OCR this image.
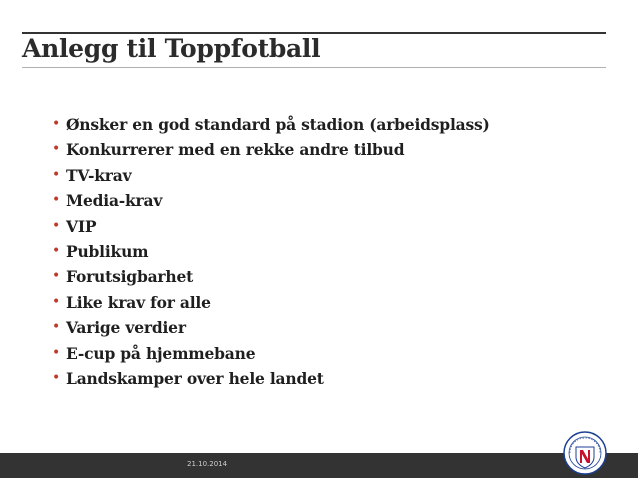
Anlegg til Toppfotball
• Ønsker en god standard på stadion (arbeidsplass)
• Konkurrerer med en rekke andre tilbud
• TV-krav
• Media-krav
• VIP
• Publikum
• Forutsigbarhet
• Like krav for alle
• Varige verdier
• E-cup på hjemmebane
• Landskamper over hele landet
21.10.2014
